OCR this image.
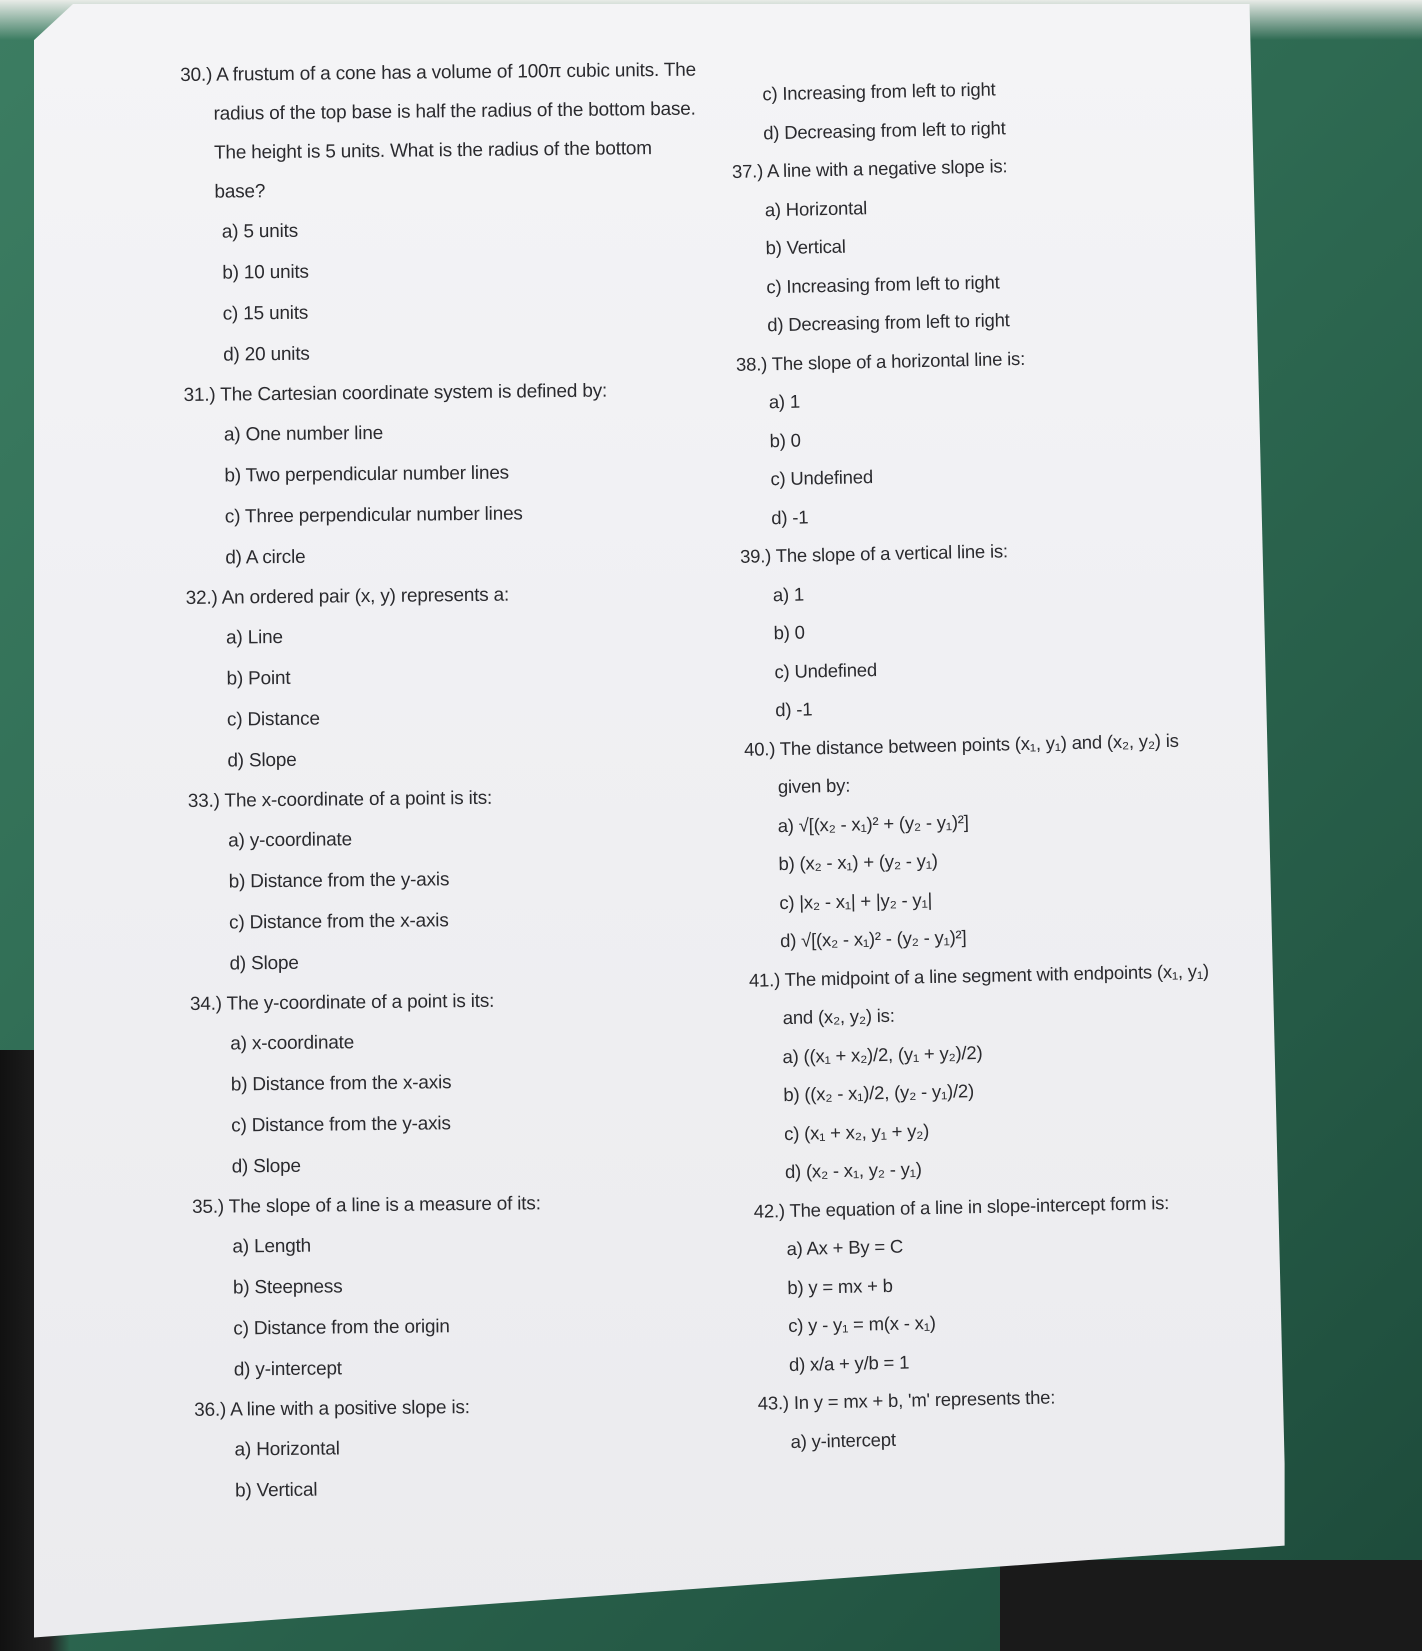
30.) A frustum of a cone has a volume of 100π cubic units. The radius of the top base is half the radius of the bottom base. The height is 5 units. What is the radius of the bottom base?

a) 5 units
b) 10 units
c) 15 units
d) 20 units

31.) The Cartesian coordinate system is defined by:

a) One number line
b) Two perpendicular number lines
c) Three perpendicular number lines
d) A circle

32.) An ordered pair (x, y) represents a:

a) Line
b) Point
c) Distance
d) Slope

33.) The x-coordinate of a point is its:

a) y-coordinate
b) Distance from the y-axis
c) Distance from the x-axis
d) Slope

34.) The y-coordinate of a point is its:

a) x-coordinate
b) Distance from the x-axis
c) Distance from the y-axis
d) Slope

35.) The slope of a line is a measure of its:

a) Length
b) Steepness
c) Distance from the origin
d) y-intercept

36.) A line with a positive slope is:

a) Horizontal
b) Vertical
c) Increasing from left to right
d) Decreasing from left to right

37.) A line with a negative slope is:

a) Horizontal
b) Vertical
c) Increasing from left to right
d) Decreasing from left to right

38.) The slope of a horizontal line is:

a) 1
b) 0
c) Undefined
d) -1

39.) The slope of a vertical line is:

a) 1
b) 0
c) Undefined
d) -1

40.) The distance between points (x₁, y₁) and (x₂, y₂) is given by:

a) √[(x₂ - x₁)² + (y₂ - y₁)²]
b) (x₂ - x₁) + (y₂ - y₁)
c) |x₂ - x₁| + |y₂ - y₁|
d) √[(x₂ - x₁)² - (y₂ - y₁)²]

41.) The midpoint of a line segment with endpoints (x₁, y₁) and (x₂, y₂) is:

a) ((x₁ + x₂)/2, (y₁ + y₂)/2)
b) ((x₂ - x₁)/2, (y₂ - y₁)/2)
c) (x₁ + x₂, y₁ + y₂)
d) (x₂ - x₁, y₂ - y₁)

42.) The equation of a line in slope-intercept form is:

a) Ax + By = C
b) y = mx + b
c) y - y₁ = m(x - x₁)
d) x/a + y/b = 1

43.) In y = mx + b, 'm' represents the:

a) y-intercept
